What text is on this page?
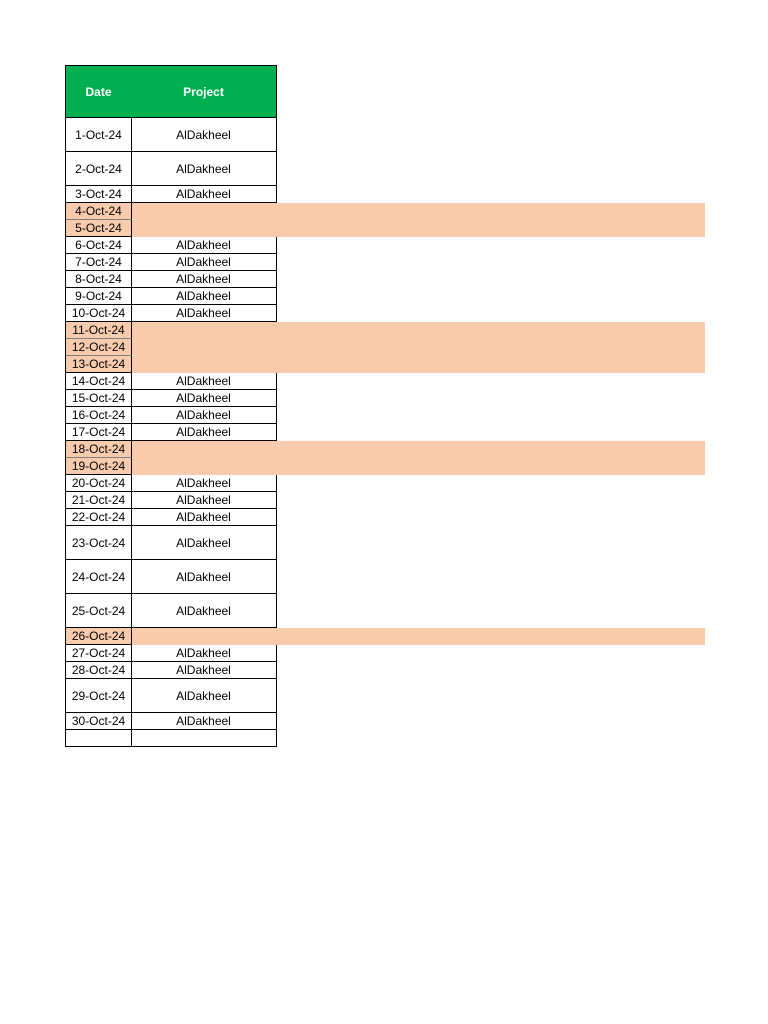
Date	Project
1-Oct-24	AlDakheel
2-Oct-24	AlDakheel
3-Oct-24	AlDakheel
4-Oct-24
5-Oct-24
6-Oct-24	AlDakheel
7-Oct-24	AlDakheel
8-Oct-24	AlDakheel
9-Oct-24	AlDakheel
10-Oct-24	AlDakheel
11-Oct-24
12-Oct-24
13-Oct-24
14-Oct-24	AlDakheel
15-Oct-24	AlDakheel
16-Oct-24	AlDakheel
17-Oct-24	AlDakheel
18-Oct-24
19-Oct-24
20-Oct-24	AlDakheel
21-Oct-24	AlDakheel
22-Oct-24	AlDakheel
23-Oct-24	AlDakheel
24-Oct-24	AlDakheel
25-Oct-24	AlDakheel
26-Oct-24
27-Oct-24	AlDakheel
28-Oct-24	AlDakheel
29-Oct-24	AlDakheel
30-Oct-24	AlDakheel
